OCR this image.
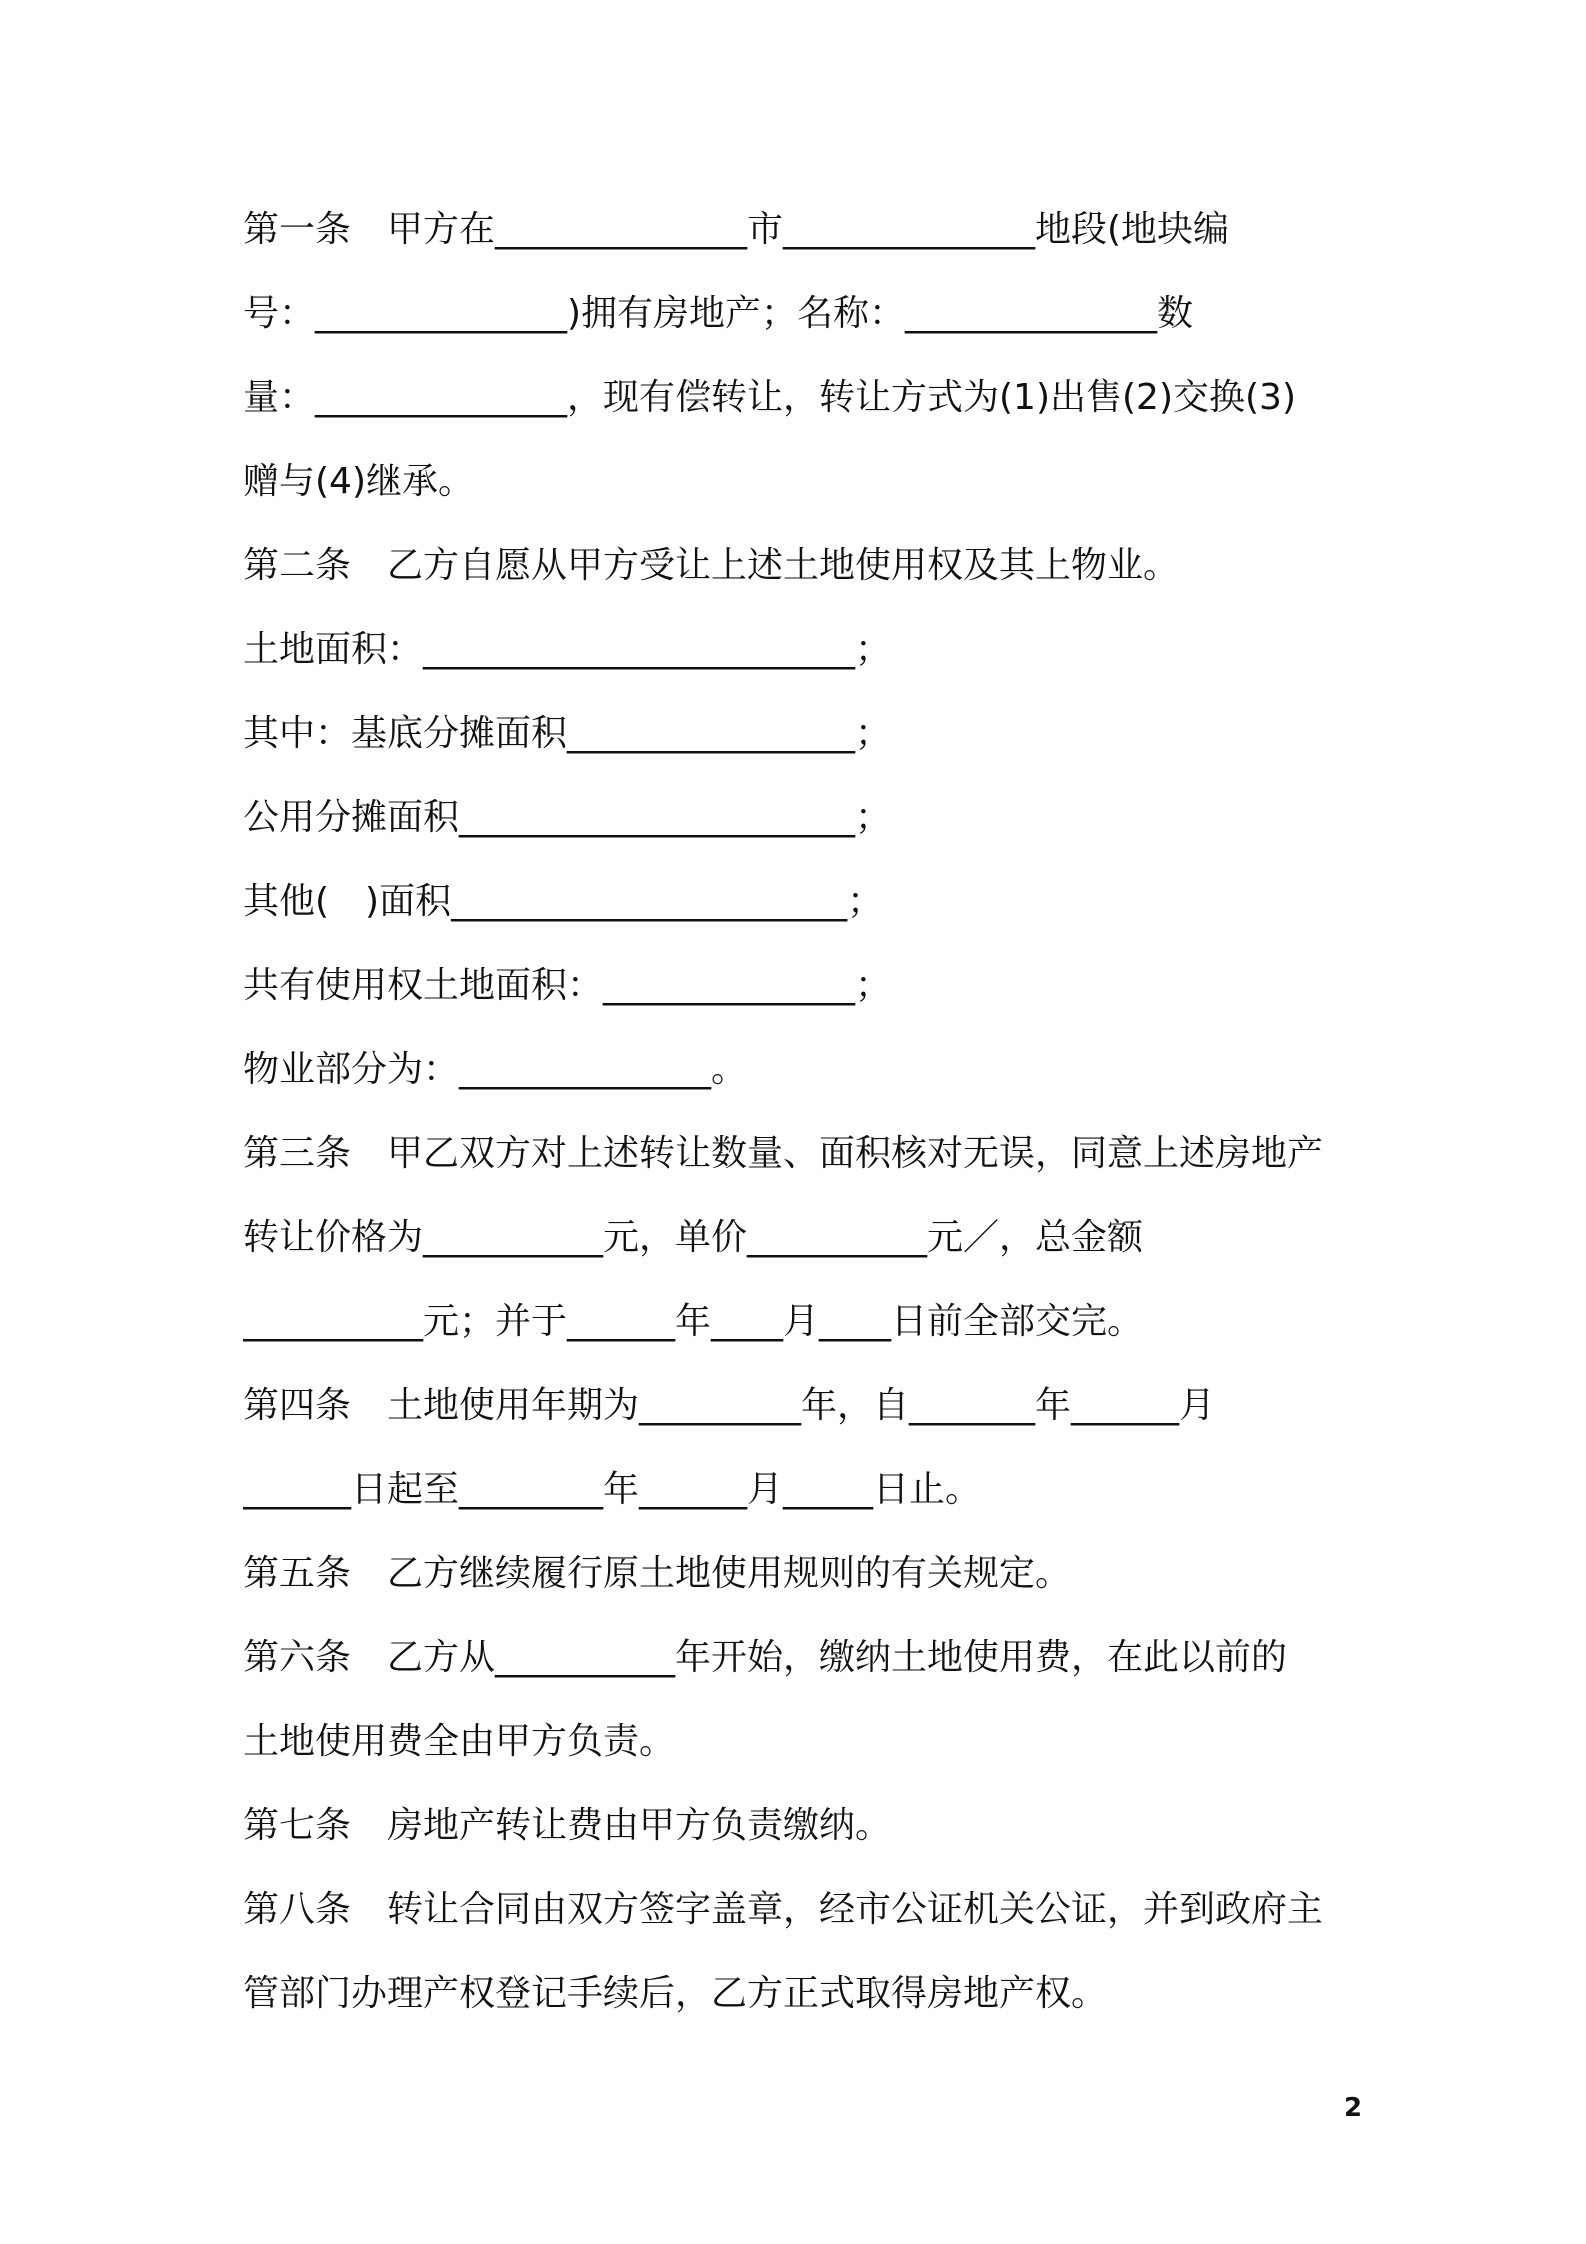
第一条　甲方在______________市______________地段(地块编
号：______________)拥有房地产；名称：______________数
量：______________，现有偿转让，转让方式为(1)出售(2)交换(3)
赠与(4)继承。
第二条　乙方自愿从甲方受让上述土地使用权及其上物业。
土地面积：________________________；
其中：基底分摊面积________________；
公用分摊面积______________________；
其他(　)面积______________________；
共有使用权土地面积：______________；
物业部分为：______________。
第三条　甲乙双方对上述转让数量、面积核对无误，同意上述房地产
转让价格为__________元，单价__________元／，总金额
__________元；并于______年____月____日前全部交完。
第四条　土地使用年期为_________年，自_______年______月
______日起至________年______月_____日止。
第五条　乙方继续履行原土地使用规则的有关规定。
第六条　乙方从__________年开始，缴纳土地使用费，在此以前的
土地使用费全由甲方负责。
第七条　房地产转让费由甲方负责缴纳。
第八条　转让合同由双方签字盖章，经市公证机关公证，并到政府主
管部门办理产权登记手续后，乙方正式取得房地产权。
2
